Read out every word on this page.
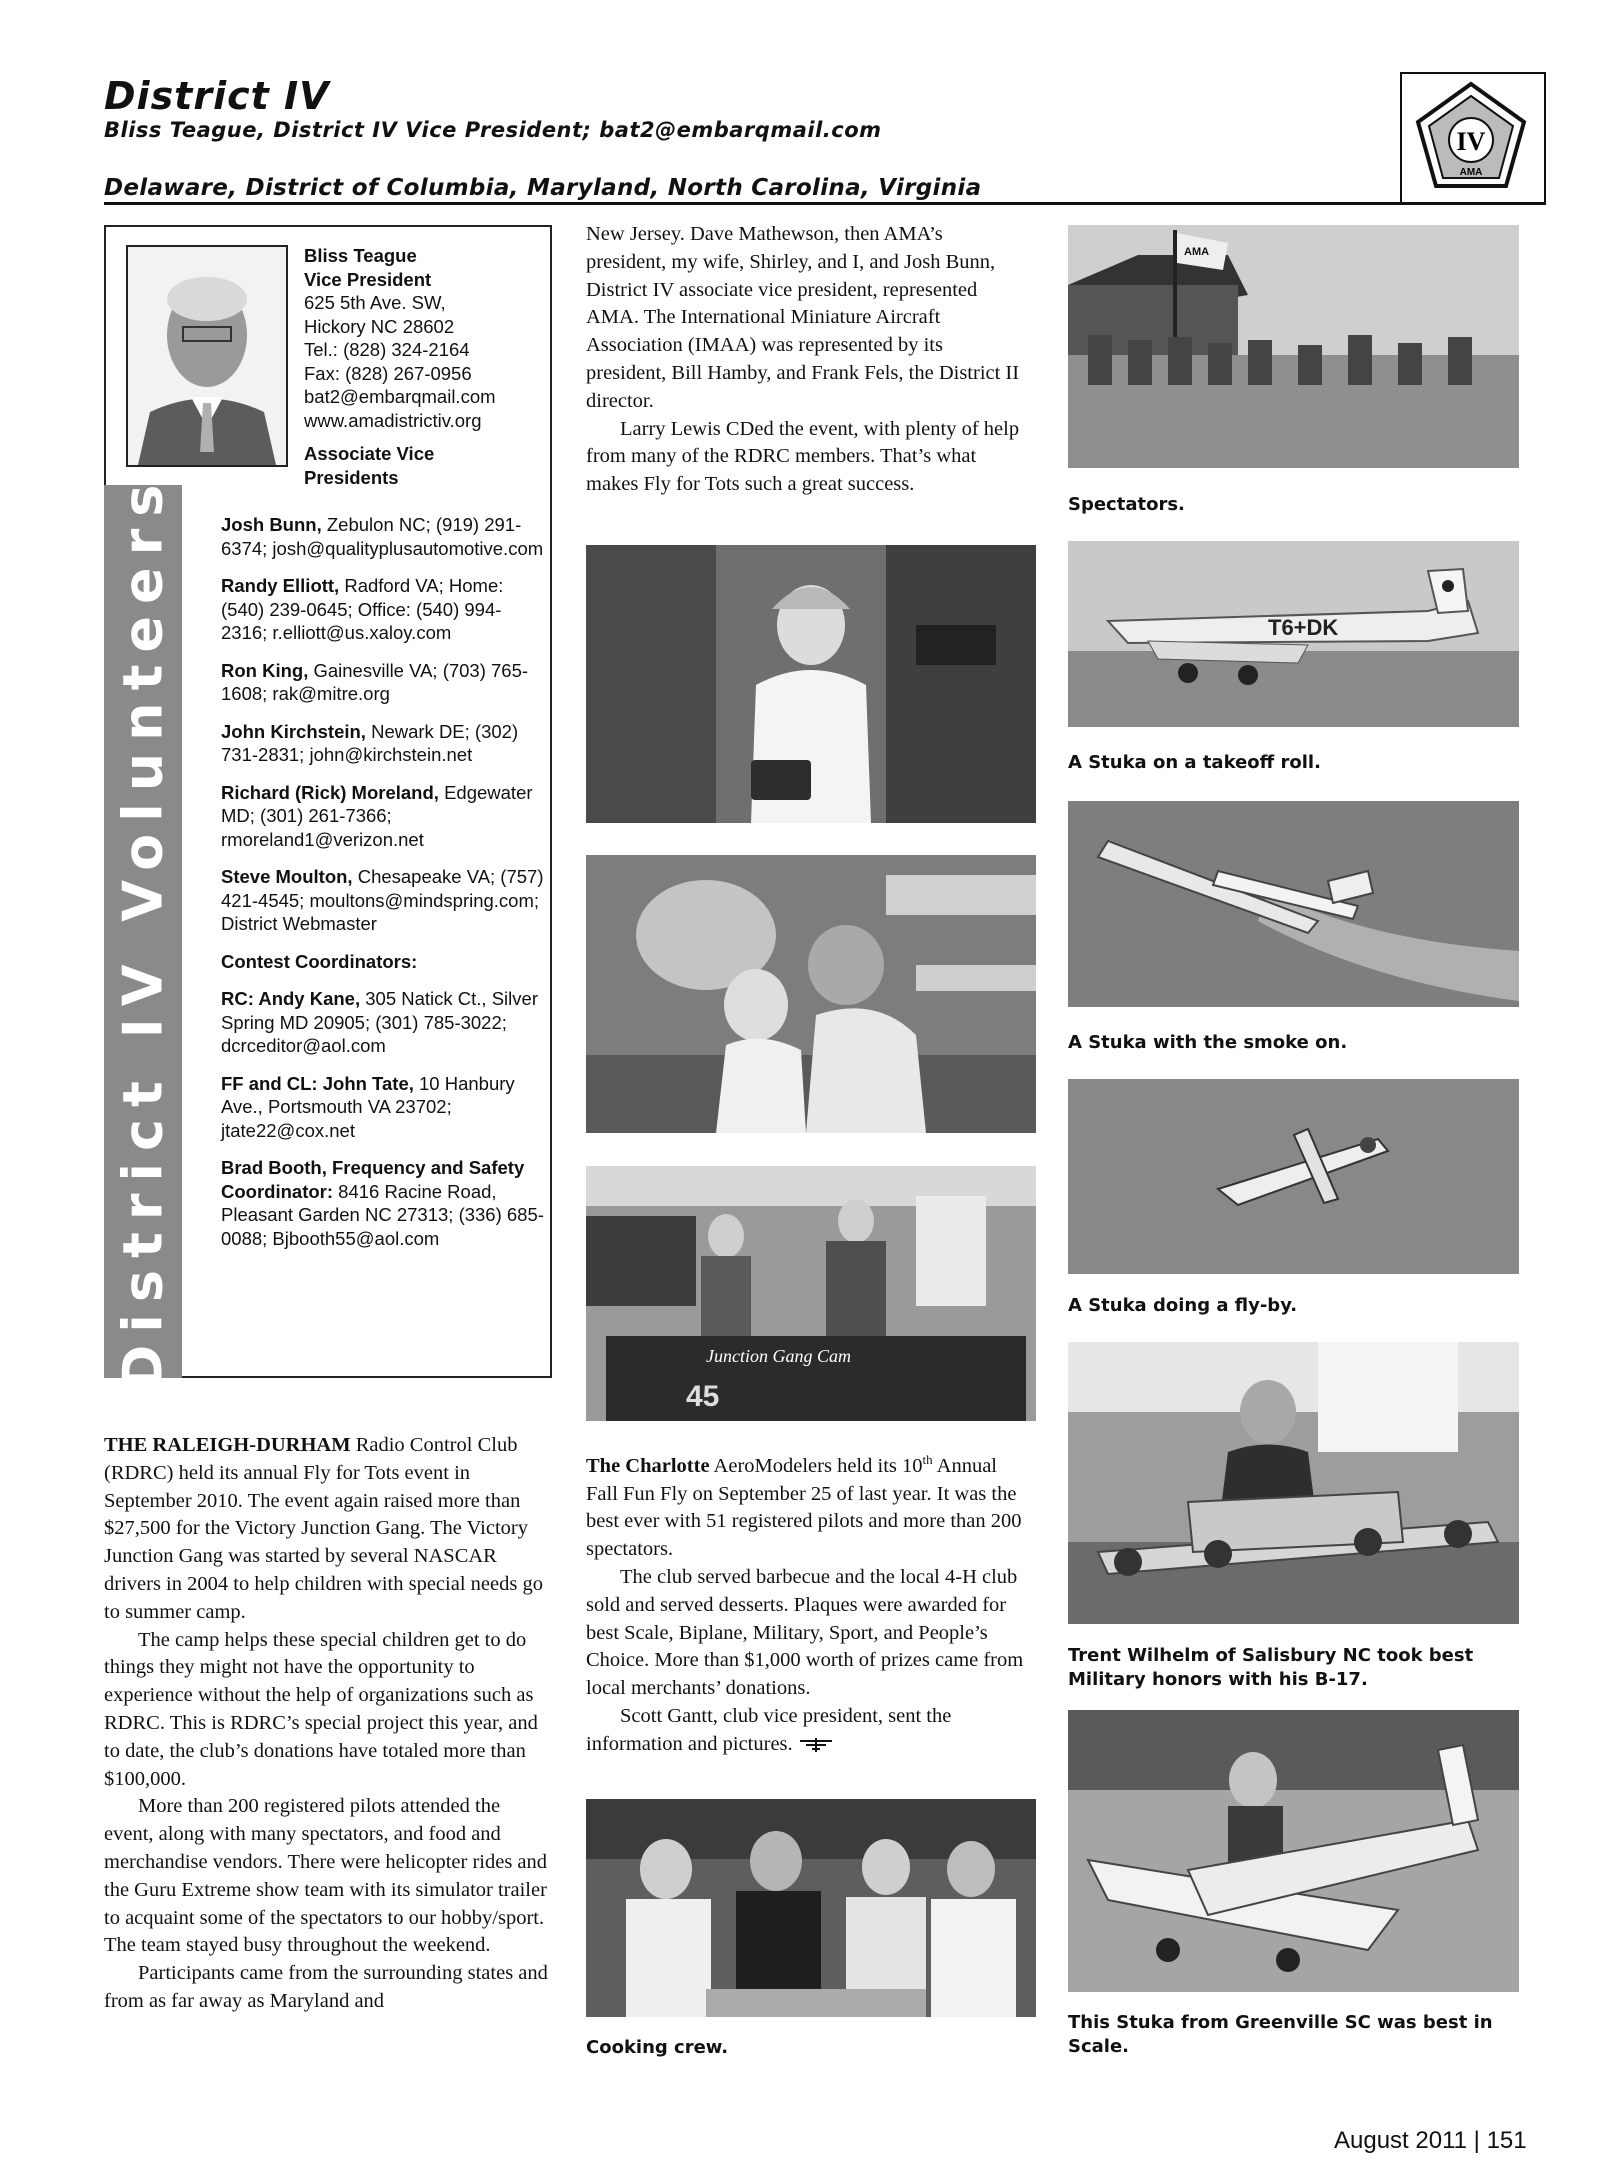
District IV
Bliss Teague, District IV Vice President; bat2@embarqmail.com
Delaware, District of Columbia, Maryland, North Carolina, Virginia
IV
AMA
District IV Volunteers
Bliss Teague
Vice President
625 5th Ave. SW,
Hickory NC 28602
Tel.: (828) 324-2164
Fax: (828) 267-0956
bat2@embarqmail.com
www.amadistrictiv.org
Associate Vice Presidents

Josh Bunn, Zebulon NC; (919) 291-6374; josh@qualityplusautomotive.com

Randy Elliott, Radford VA; Home: (540) 239-0645; Office: (540) 994-2316; r.elliott@us.xaloy.com

Ron King, Gainesville VA; (703) 765-1608; rak@mitre.org

John Kirchstein, Newark DE; (302) 731-2831; john@kirchstein.net

Richard (Rick) Moreland, Edgewater MD; (301) 261-7366; rmoreland1@verizon.net

Steve Moulton, Chesapeake VA; (757) 421-4545; moultons@mindspring.com; District Webmaster

Contest Coordinators:

RC: Andy Kane, 305 Natick Ct., Silver Spring MD 20905; (301) 785-3022; dcrceditor@aol.com

FF and CL: John Tate, 10 Hanbury Ave., Portsmouth VA 23702; jtate22@cox.net

Brad Booth, Frequency and Safety Coordinator: 8416 Racine Road, Pleasant Garden NC 27313; (336) 685-0088; Bjbooth55@aol.com

THE RALEIGH-DURHAM Radio Control Club (RDRC) held its annual Fly for Tots event in September 2010. The event again raised more than $27,500 for the Victory Junction Gang. The Victory Junction Gang was started by several NASCAR drivers in 2004 to help children with special needs go to summer camp.

The camp helps these special children get to do things they might not have the opportunity to experience without the help of organizations such as RDRC. This is RDRC’s special project this year, and to date, the club’s donations have totaled more than $100,000.

More than 200 registered pilots attended the event, along with many spectators, and food and merchandise vendors. There were helicopter rides and the Guru Extreme show team with its simulator trailer to acquaint some of the spectators to our hobby/sport. The team stayed busy throughout the weekend.

Participants came from the surrounding states and from as far away as Maryland and

New Jersey. Dave Mathewson, then AMA’s president, my wife, Shirley, and I, and Josh Bunn, District IV associate vice president, represented AMA. The International Miniature Aircraft Association (IMAA) was represented by its president, Bill Hamby, and Frank Fels, the District II director.

Larry Lewis CDed the event, with plenty of help from many of the RDRC members. That’s what makes Fly for Tots such a great success.

Junction Gang Cam
45

The Charlotte AeroModelers held its 10th Annual Fall Fun Fly on September 25 of last year. It was the best ever with 51 registered pilots and more than 200 spectators.

The club served barbecue and the local 4-H club sold and served desserts. Plaques were awarded for best Scale, Biplane, Military, Sport, and People’s Choice. More than $1,000 worth of prizes came from local merchants’ donations.

Scott Gantt, club vice president, sent the information and pictures.

Cooking crew.
AMA
Spectators.
T6+DK
A Stuka on a takeoff roll.
A Stuka with the smoke on.
A Stuka doing a fly-by.
Trent Wilhelm of Salisbury NC took best Military honors with his B-17.
This Stuka from Greenville SC was best in Scale.
August 2011 | 151
